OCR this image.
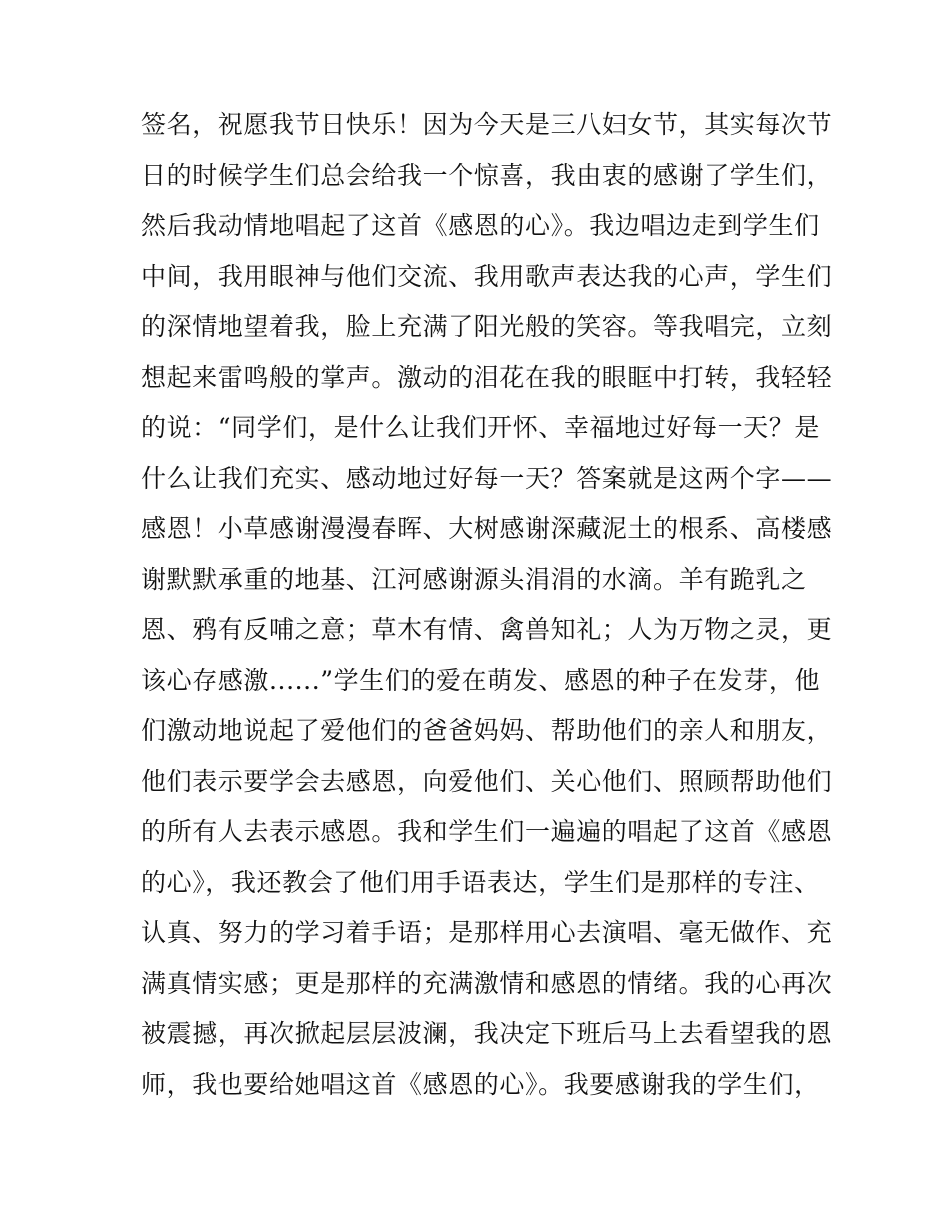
签名，祝愿我节日快乐！因为今天是三八妇女节，其实每次节
日的时候学生们总会给我一个惊喜，我由衷的感谢了学生们，
然后我动情地唱起了这首《感恩的心》。我边唱边走到学生们
中间，我用眼神与他们交流、我用歌声表达我的心声，学生们
的深情地望着我，脸上充满了阳光般的笑容。等我唱完，立刻
想起来雷鸣般的掌声。激动的泪花在我的眼眶中打转，我轻轻
的说：“同学们，是什么让我们开怀、幸福地过好每一天？是
什么让我们充实、感动地过好每一天？答案就是这两个字——
感恩！小草感谢漫漫春晖、大树感谢深藏泥土的根系、高楼感
谢默默承重的地基、江河感谢源头涓涓的水滴。羊有跪乳之
恩、鸦有反哺之意；草木有情、禽兽知礼；人为万物之灵，更
该心存感激......”学生们的爱在萌发、感恩的种子在发芽，他
们激动地说起了爱他们的爸爸妈妈、帮助他们的亲人和朋友，
他们表示要学会去感恩，向爱他们、关心他们、照顾帮助他们
的所有人去表示感恩。我和学生们一遍遍的唱起了这首《感恩
的心》，我还教会了他们用手语表达，学生们是那样的专注、
认真、努力的学习着手语；是那样用心去演唱、毫无做作、充
满真情实感；更是那样的充满激情和感恩的情绪。我的心再次
被震撼，再次掀起层层波澜，我决定下班后马上去看望我的恩
师，我也要给她唱这首《感恩的心》。我要感谢我的学生们，
